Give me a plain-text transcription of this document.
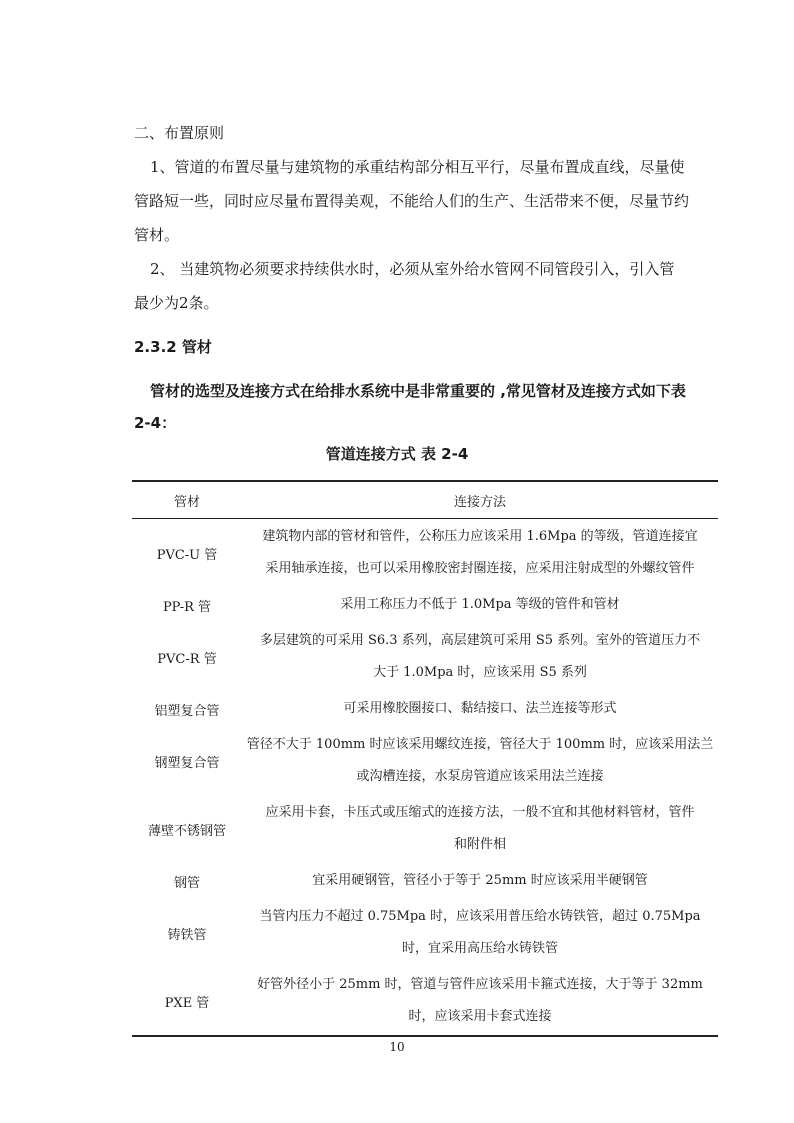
二、布置原则

1、管道的布置尽量与建筑物的承重结构部分相互平行，尽量布置成直线，尽量使

管路短一些，同时应尽量布置得美观，不能给人们的生产、生活带来不便，尽量节约

管材。

2、 当建筑物必须要求持续供水时，必须从室外给水管网不同管段引入，引入管

最少为2条。

2.3.2 管材

管材的选型及连接方式在给排水系统中是非常重要的 ,常见管材及连接方式如下表

2-4：

管道连接方式 表 2-4
管材	连接方法
PVC-U 管	建筑物内部的管材和管件，公称压力应该采用 1.6Mpa 的等级，管道连接宜
采用轴承连接，也可以采用橡胶密封圈连接，应采用注射成型的外螺纹管件

PP-R 管	采用工称压力不低于 1.0Mpa 等级的管件和管材

PVC-R 管	多层建筑的可采用 S6.3 系列，高层建筑可采用 S5 系列。室外的管道压力不
大于 1.0Mpa 时，应该采用 S5 系列

铝塑复合管	可采用橡胶圈接口、黏结接口、法兰连接等形式

钢塑复合管	管径不大于 100mm 时应该采用螺纹连接，管径大于 100mm 时，应该采用法兰
或沟槽连接，水泵房管道应该采用法兰连接

薄壁不锈钢管	应采用卡套，卡压式或压缩式的连接方法，一般不宜和其他材料管材，管件
和附件相

钢管	宜采用硬钢管，管径小于等于 25mm 时应该采用半硬钢管

铸铁管	当管内压力不超过 0.75Mpa 时，应该采用普压给水铸铁管，超过 0.75Mpa
时，宜采用高压给水铸铁管

PXE 管	好管外径小于 25mm 时，管道与管件应该采用卡箍式连接，大于等于 32mm
时，应该采用卡套式连接
10
